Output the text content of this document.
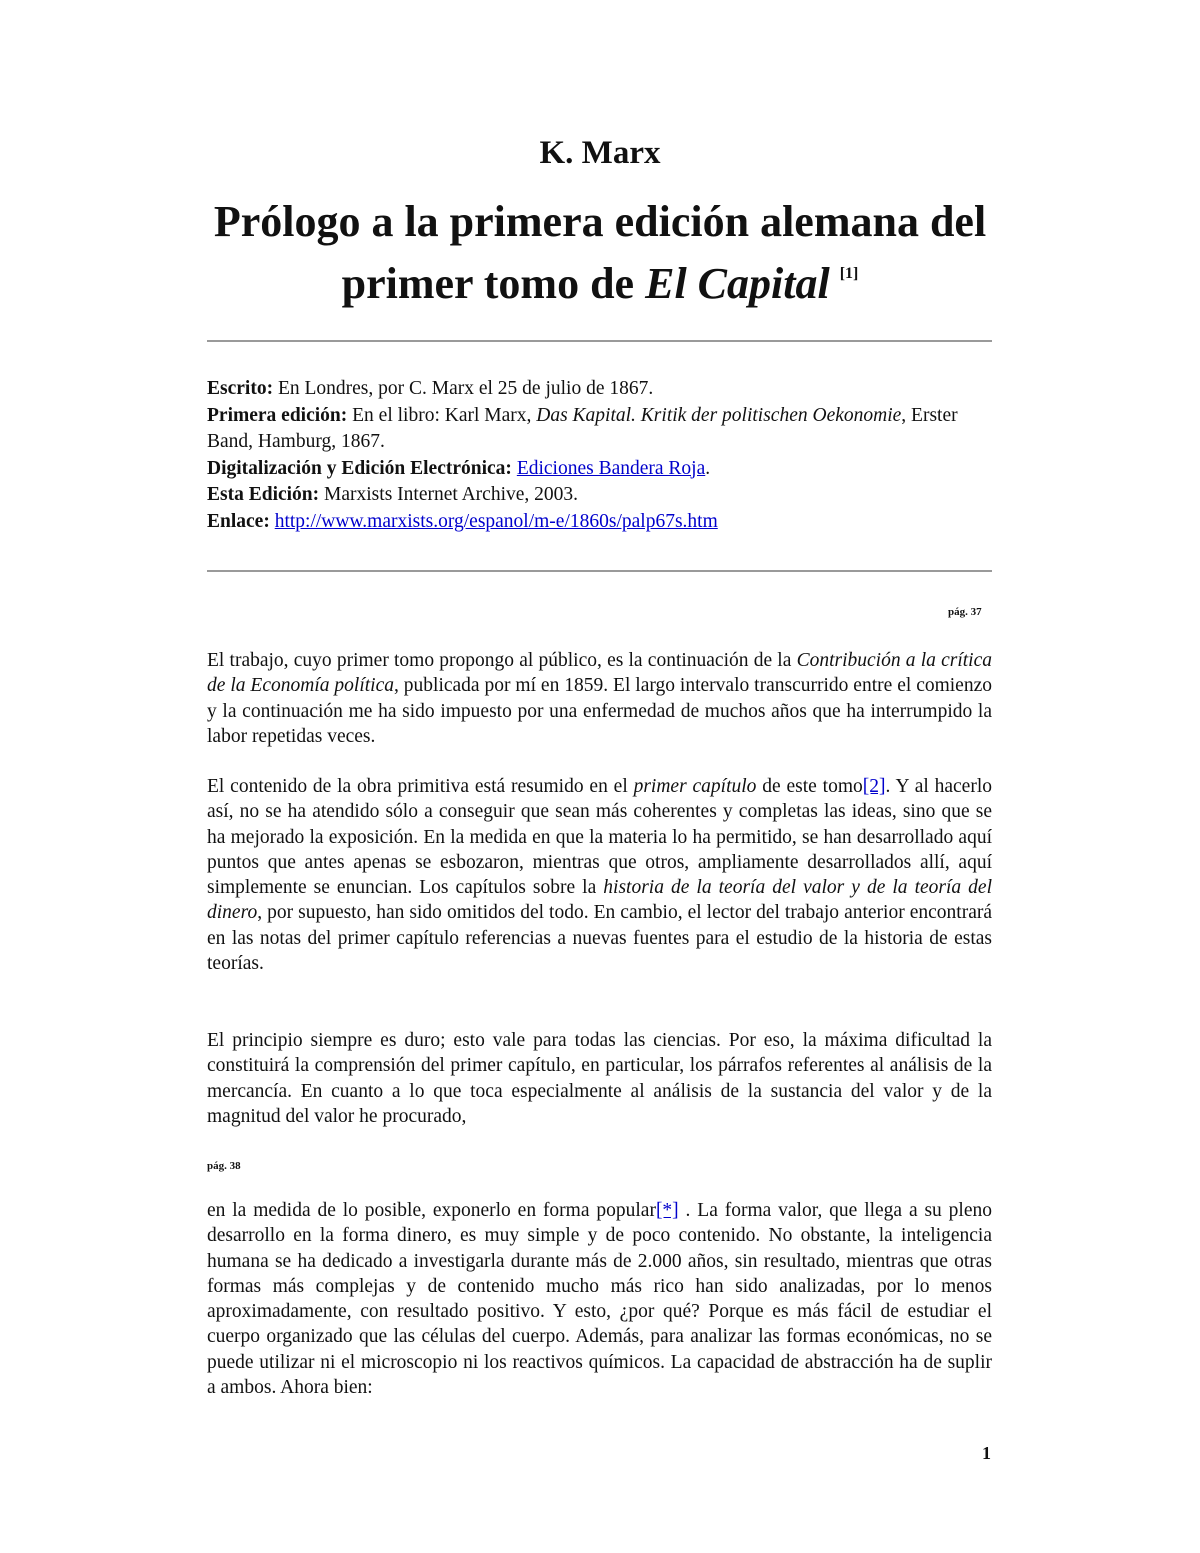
K. Marx
Prólogo a la primera edición alemana del primer tomo de El Capital [1]

Escrito: En Londres, por C. Marx el 25 de julio de 1867.

Primera edición: En el libro: Karl Marx, Das Kapital. Kritik der politischen Oekonomie, Erster Band, Hamburg, 1867.

Digitalización y Edición Electrónica: Ediciones Bandera Roja.

Esta Edición: Marxists Internet Archive, 2003.

Enlace: http://www.marxists.org/espanol/m-e/1860s/palp67s.htm

pág. 37

El trabajo, cuyo primer tomo propongo al público, es la continuación de la Contribución a la crítica de la Economía política, publicada por mí en 1859. El largo intervalo transcurrido entre el comienzo y la continuación me ha sido impuesto por una enfermedad de muchos años que ha interrumpido la labor repetidas veces.

El contenido de la obra primitiva está resumido en el primer capítulo de este tomo[2]. Y al hacerlo así, no se ha atendido sólo a conseguir que sean más coherentes y completas las ideas, sino que se ha mejorado la exposición. En la medida en que la materia lo ha permitido, se han desarrollado aquí puntos que antes apenas se esbozaron, mientras que otros, ampliamente desarrollados allí, aquí simplemente se enuncian. Los capítulos sobre la historia de la teoría del valor y de la teoría del dinero, por supuesto, han sido omitidos del todo. En cambio, el lector del trabajo anterior encontrará en las notas del primer capítulo referencias a nuevas fuentes para el estudio de la historia de estas teorías.

El principio siempre es duro; esto vale para todas las ciencias. Por eso, la máxima dificultad la constituirá la comprensión del primer capítulo, en particular, los párrafos referentes al análisis de la mercancía. En cuanto a lo que toca especialmente al análisis de la sustancia del valor y de la magnitud del valor he procurado,

pág. 38

en la medida de lo posible, exponerlo en forma popular[*] . La forma valor, que llega a su pleno desarrollo en la forma dinero, es muy simple y de poco contenido. No obstante, la inteligencia humana se ha dedicado a investigarla durante más de 2.000 años, sin resultado, mientras que otras formas más complejas y de contenido mucho más rico han sido analizadas, por lo menos aproximadamente, con resultado positivo. Y esto, ¿por qué? Porque es más fácil de estudiar el cuerpo organizado que las células del cuerpo. Además, para analizar las formas económicas, no se puede utilizar ni el microscopio ni los reactivos químicos. La capacidad de abstracción ha de suplir a ambos. Ahora bien:

1
